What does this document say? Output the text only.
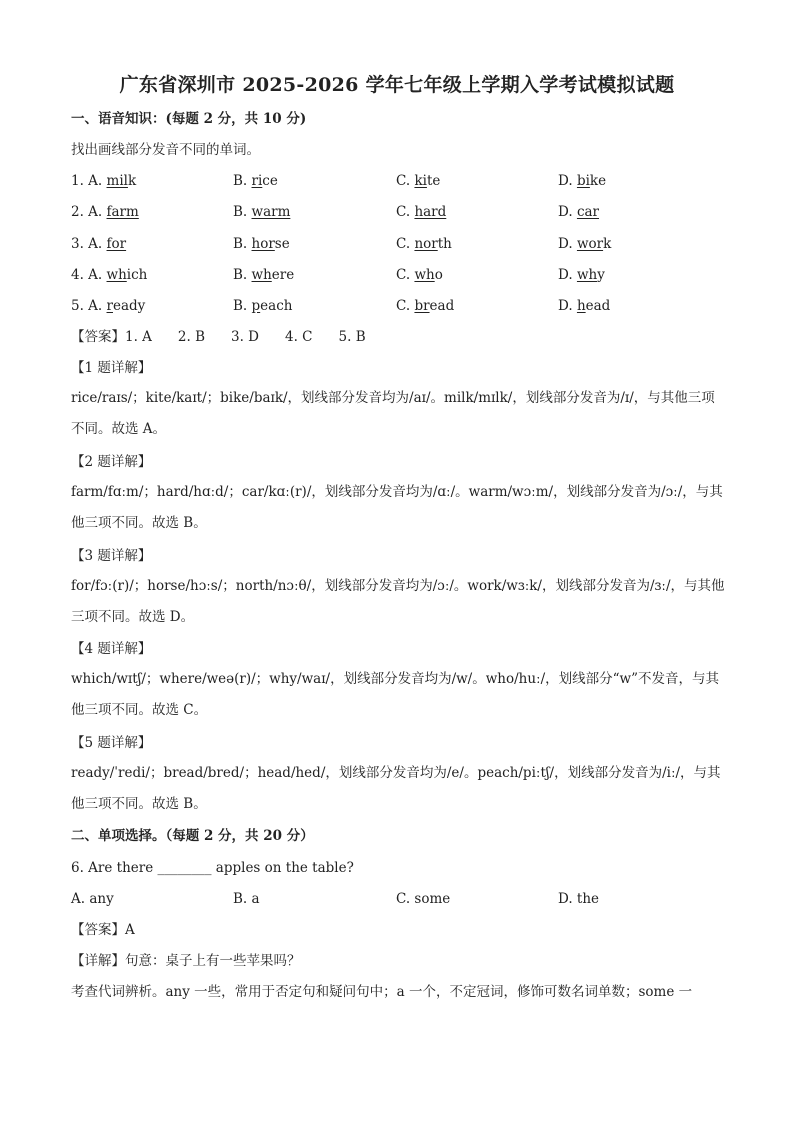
广东省深圳市 2025-2026 学年七年级上学期入学考试模拟试题
一、语音知识：(每题 2 分，共 10 分)
找出画线部分发音不同的单词。
1. A. milk	B. rice	C. kite	D. bike
2. A. farm	B. warm	C. hard	D. car
3. A. for	B. horse	C. north	D. work
4. A. which	B. where	C. who	D. why
5. A. ready	B. peach	C. bread	D. head
【答案】1. A 2. B 3. D 4. C 5. B
【1 题详解】
rice/raɪs/；kite/kaɪt/；bike/baɪk/，划线部分发音均为/aɪ/。milk/mɪlk/，划线部分发音为/ɪ/，与其他三项不同。故选 A。
【2 题详解】
farm/fɑːm/；hard/hɑːd/；car/kɑː(r)/，划线部分发音均为/ɑː/。warm/wɔːm/，划线部分发音为/ɔː/，与其他三项不同。故选 B。
【3 题详解】
for/fɔː(r)/；horse/hɔːs/；north/nɔːθ/，划线部分发音均为/ɔː/。work/wɜːk/，划线部分发音为/ɜː/，与其他三项不同。故选 D。
【4 题详解】
which/wɪtʃ/；where/weə(r)/；why/waɪ/，划线部分发音均为/w/。who/huː/，划线部分“w”不发音，与其他三项不同。故选 C。
【5 题详解】
ready/ˈredi/；bread/bred/；head/hed/，划线部分发音均为/e/。peach/piːtʃ/，划线部分发音为/iː/，与其他三项不同。故选 B。
二、单项选择。（每题 2 分，共 20 分）
6. Are there ________ apples on the table?
A. any	B. a	C. some	D. the
【答案】A
【详解】句意：桌子上有一些苹果吗？
考查代词辨析。any 一些，常用于否定句和疑问句中；a 一个，不定冠词，修饰可数名词单数；some 一
